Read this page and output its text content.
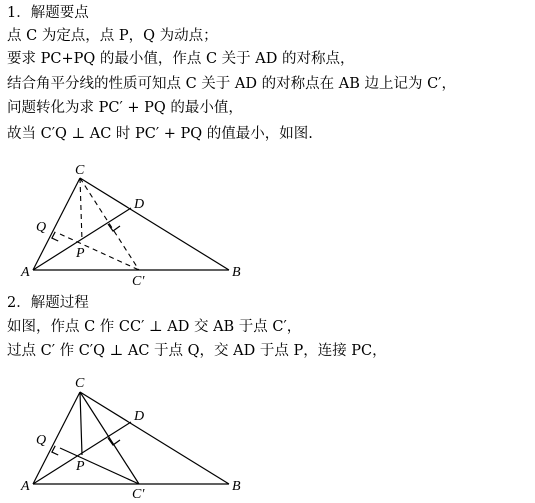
1．解题要点
点 C 为定点，点 P，Q 为动点；
要求 PC+PQ 的最小值，作点 C 关于 AD 的对称点，
结合角平分线的性质可知点 C 关于 AD 的对称点在 AB 边上记为 C′，
问题转化为求 PC′ + PQ 的最小值，
故当 C′Q ⊥ AC 时 PC′ + PQ 的值最小，如图.
C
D
Q
P
A	B
C′
2．解题过程
如图，作点 C 作 CC′ ⊥ AD 交 AB 于点 C′，
过点 C′ 作 C′Q ⊥ AC 于点 Q，交 AD 于点 P，连接 PC，
C
D
Q
P
A	B
C′
